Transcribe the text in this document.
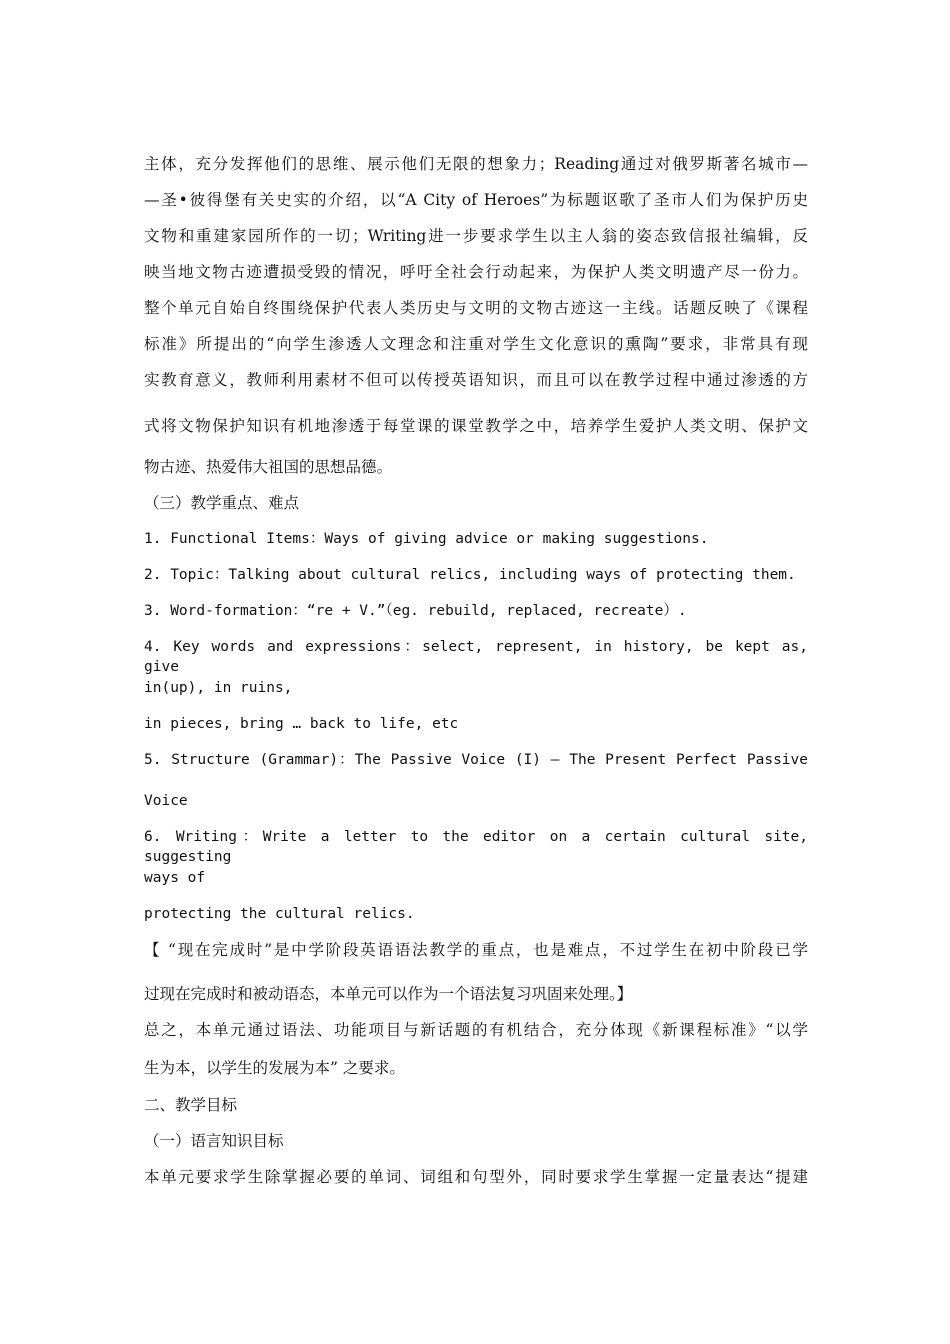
主体，充分发挥他们的思维、展示他们无限的想象力；Reading通过对俄罗斯著名城市—
—圣•彼得堡有关史实的介绍，以“A City of Heroes”为标题讴歌了圣市人们为保护历史
文物和重建家园所作的一切；Writing进一步要求学生以主人翁的姿态致信报社编辑，反
映当地文物古迹遭损受毁的情况，呼吁全社会行动起来，为保护人类文明遗产尽一份力。
整个单元自始自终围绕保护代表人类历史与文明的文物古迹这一主线。话题反映了《课程
标准》所提出的“向学生渗透人文理念和注重对学生文化意识的熏陶”要求，非常具有现
实教育意义，教师利用素材不但可以传授英语知识，而且可以在教学过程中通过渗透的方
式将文物保护知识有机地渗透于每堂课的课堂教学之中，培养学生爱护人类文明、保护文
物古迹、热爱伟大祖国的思想品德。
（三）教学重点、难点
1. Functional Items：Ways of giving advice or making suggestions.
2. Topic：Talking about cultural relics, including ways of protecting them.
3. Word-formation：“re + V.”（eg. rebuild, replaced, recreate）.
4. Key words and expressions：select, represent, in history, be kept as, give
in(up), in ruins,
in pieces, bring … back to life, etc
5. Structure (Grammar)：The Passive Voice (I) — The Present Perfect Passive
Voice
6. Writing：Write a letter to the editor on a certain cultural site, suggesting
ways of
protecting the cultural relics.
【 “现在完成时”是中学阶段英语语法教学的重点，也是难点，不过学生在初中阶段已学
过现在完成时和被动语态，本单元可以作为一个语法复习巩固来处理。】
总之，本单元通过语法、功能项目与新话题的有机结合，充分体现《新课程标准》“以学
生为本，以学生的发展为本” 之要求。
二、教学目标
（一）语言知识目标
本单元要求学生除掌握必要的单词、词组和句型外，同时要求学生掌握一定量表达“提建
